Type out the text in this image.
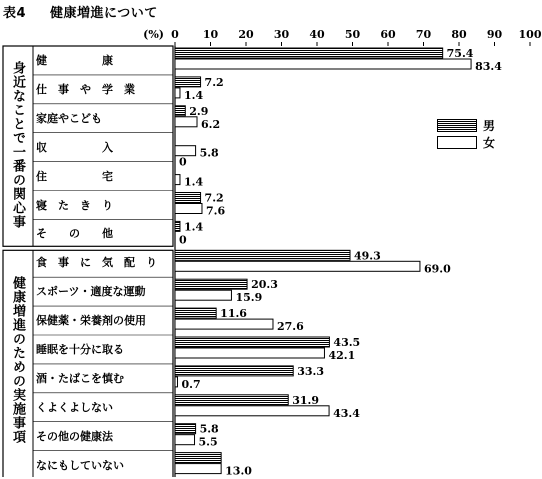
表4 健康増進について
(%) 0 10 20 30 40 50 60 70 80 90 100
75.4
83.4
7.2
1.4
2.9
6.2
5.8
1.4
7.2
7.6
1.4
0
49.3
69.0
20.3
15.9
11.6
27.6
43.5
42.1
33.3
0.7
31.9
43.4
5.8
5.5
13.0
0
身近なことで一番の関心事
健康増進のための実施事項
健　　　　　康
仕　事　や　学　業
家庭やこども
収　　　　　入
住　　　　　宅
寝　た　き　り
そ　　の　　他
食　事　に　気　配　り
スポーツ・適度な運動
保健薬・栄養剤の使用
睡眠を十分に取る
酒・たばこを慎む
くよくよしない
その他の健康法
なにもしていない
男
女
